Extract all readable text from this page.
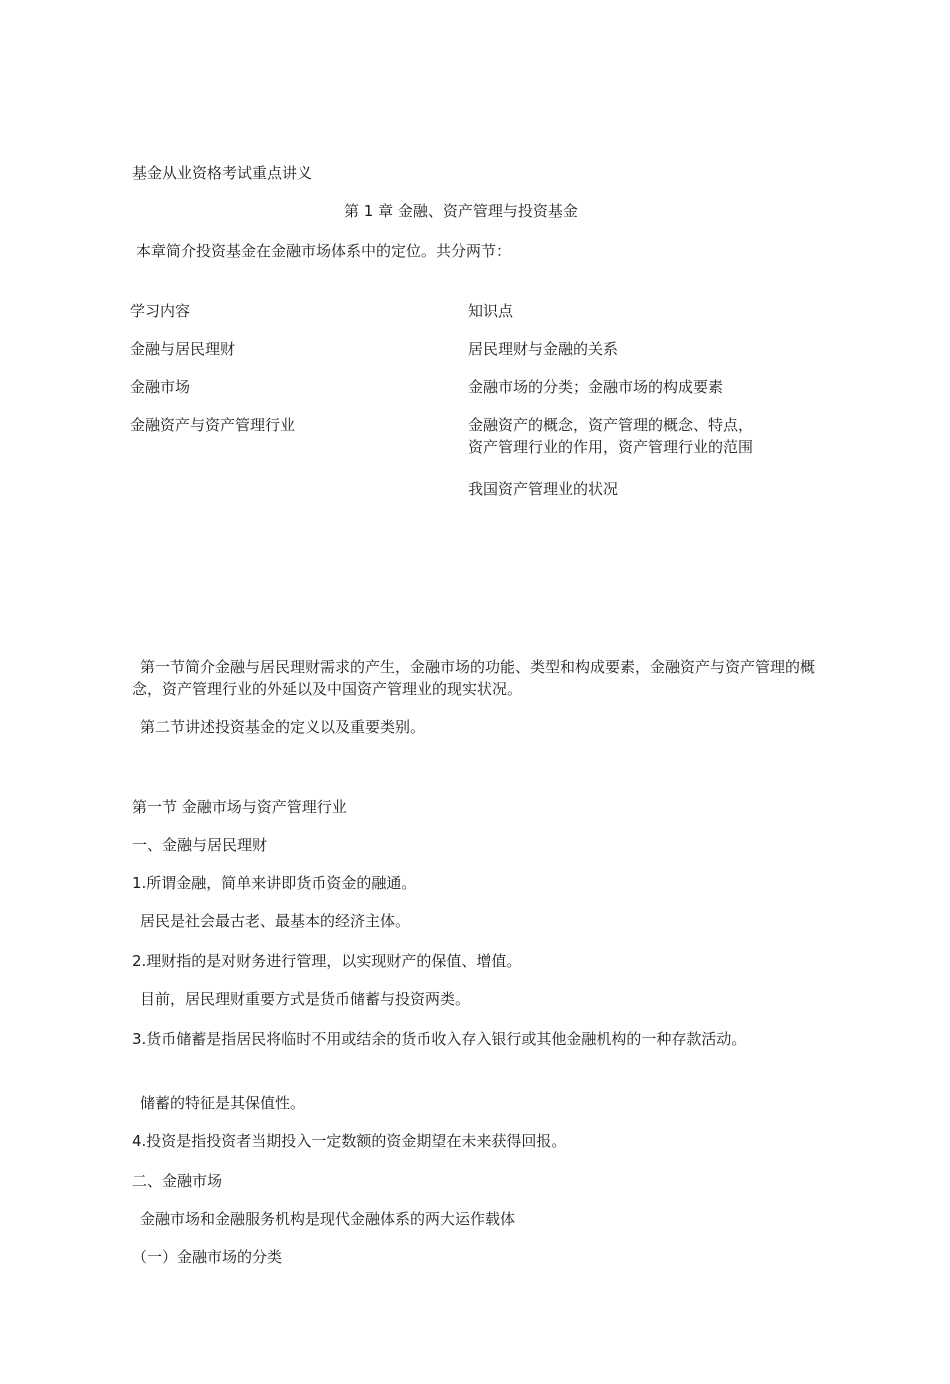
基金从业资格考试重点讲义
第 1 章 金融、资产管理与投资基金
本章简介投资基金在金融市场体系中的定位。共分两节：
学习内容	知识点
金融与居民理财	居民理财与金融的关系
金融市场	金融市场的分类；金融市场的构成要素
金融资产与资产管理行业	金融资产的概念，资产管理的概念、特点，
资产管理行业的作用，资产管理行业的范围
我国资产管理业的状况
第一节简介金融与居民理财需求的产生，金融市场的功能、类型和构成要素，金融资产与资产管理的概念，资产管理行业的外延以及中国资产管理业的现实状况。
第二节讲述投资基金的定义以及重要类别。
第一节 金融市场与资产管理行业
一、金融与居民理财
1.所谓金融，简单来讲即货币资金的融通。
居民是社会最古老、最基本的经济主体。
2.理财指的是对财务进行管理，以实现财产的保值、增值。
目前，居民理财重要方式是货币储蓄与投资两类。
3.货币储蓄是指居民将临时不用或结余的货币收入存入银行或其他金融机构的一种存款活动。
储蓄的特征是其保值性。
4.投资是指投资者当期投入一定数额的资金期望在未来获得回报。
二、金融市场
金融市场和金融服务机构是现代金融体系的两大运作载体
（一）金融市场的分类
